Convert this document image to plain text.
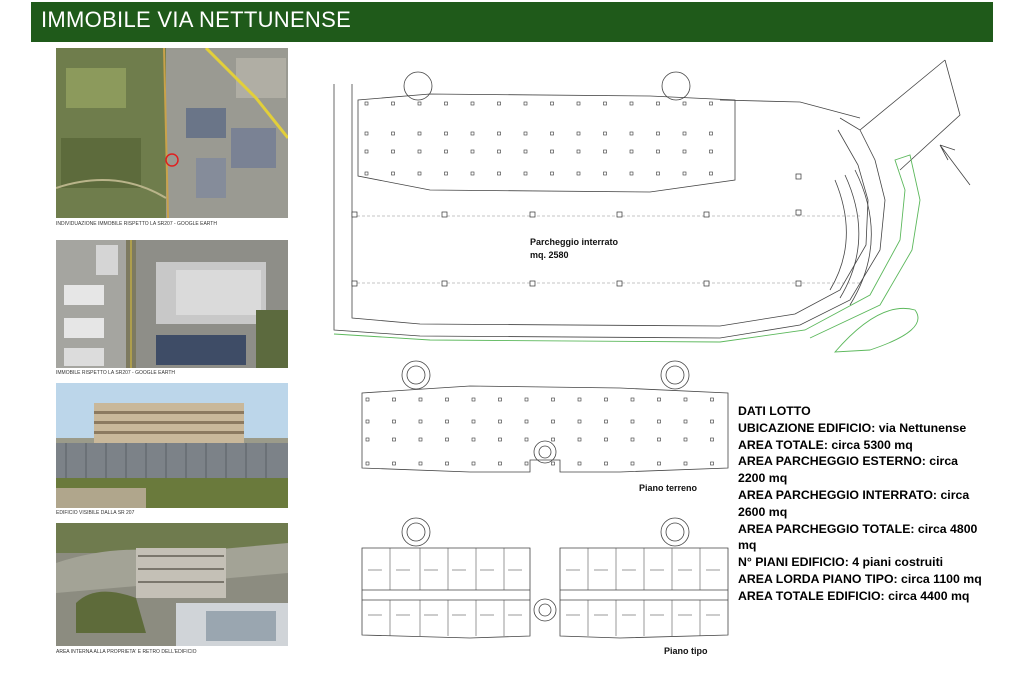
IMMOBILE VIA NETTUNENSE
INDIVIDUAZIONE IMMOBILE RISPETTO LA SR207 - GOOGLE EARTH
IMMOBILE RISPETTO LA SR207 - GOOGLE EARTH
EDIFICIO VISIBILE DALLA SR 207
AREA INTERNA ALLA PROPRIETA' E RETRO DELL'EDIFICIO
Parcheggio interrato
mq. 2580
Piano terreno
Piano tipo
DATI LOTTO
UBICAZIONE EDIFICIO: via Nettunense
AREA TOTALE: circa 5300 mq
AREA PARCHEGGIO ESTERNO: circa 2200 mq
AREA PARCHEGGIO INTERRATO: circa 2600 mq
AREA PARCHEGGIO TOTALE: circa 4800 mq
N° PIANI EDIFICIO: 4 piani costruiti
AREA LORDA PIANO TIPO: circa 1100 mq
AREA TOTALE EDIFICIO: circa 4400 mq
